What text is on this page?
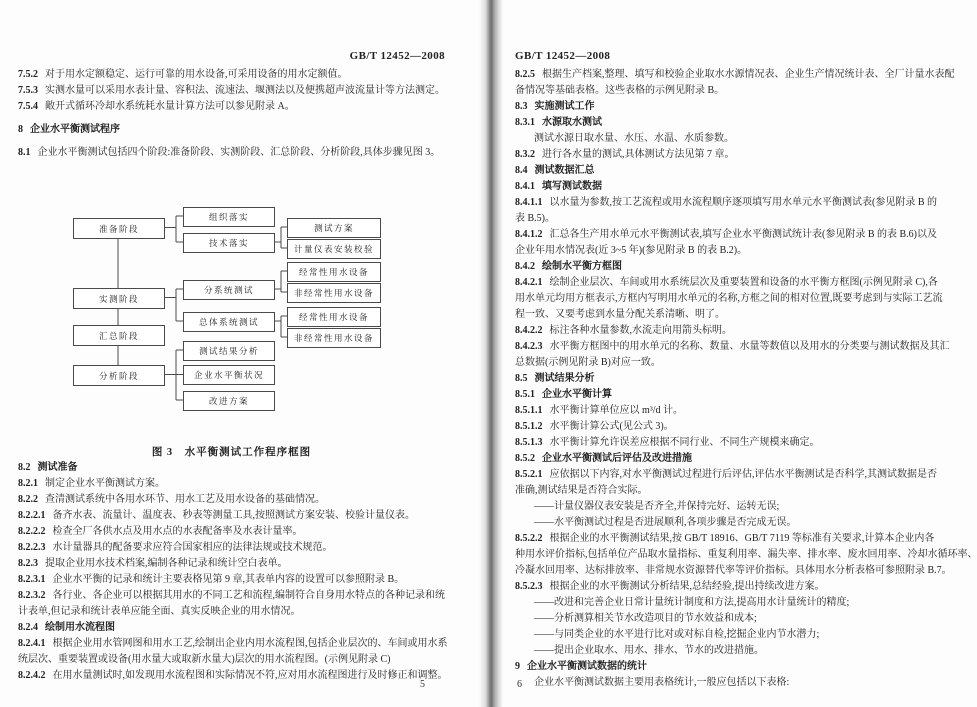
GB/T 12452—2008
7.5.2 对于用水定额稳定、运行可靠的用水设备,可采用设备的用水定额值。
7.5.3 实测水量可以采用水表计量、容积法、流速法、堰测法以及便携超声波流量计等方法测定。
7.5.4 敞开式循环冷却水系统耗水量计算方法可以参见附录 A。
8 企业水平衡测试程序
8.1 企业水平衡测试包括四个阶段:准备阶段、实测阶段、汇总阶段、分析阶段,具体步骤见图 3。
准备阶段
实测阶段
汇总阶段
分析阶段
组织落实
技术落实
分系统测试
总体系统测试
测试结果分析
企业水平衡状况
改进方案
测试方案
计量仪表安装校验
经常性用水设备
非经常性用水设备
经常性用水设备
非经常性用水设备
图 3　水平衡测试工作程序框图
8.2 测试准备
8.2.1 制定企业水平衡测试方案。
8.2.2 查清测试系统中各用水环节、用水工艺及用水设备的基础情况。
8.2.2.1 备齐水表、流量计、温度表、秒表等测量工具,按照测试方案安装、校验计量仪表。
8.2.2.2 检查全厂各供水点及用水点的水表配备率及水表计量率。
8.2.2.3 水计量器具的配备要求应符合国家相应的法律法规或技术规范。
8.2.3 提取企业用水技术档案,编制各种记录和统计空白表单。
8.2.3.1 企业水平衡的记录和统计主要表格见第 9 章,其表单内容的设置可以参照附录 B。
8.2.3.2 各行业、各企业可以根据其用水的不同工艺和流程,编制符合自身用水特点的各种记录和统
计表单,但记录和统计表单应能全面、真实反映企业的用水情况。
8.2.4 绘制用水流程图
8.2.4.1 根据企业用水管网图和用水工艺,绘制出企业内用水流程图,包括企业层次的、车间或用水系
统层次、重要装置或设备(用水量大或取新水量大)层次的用水流程图。(示例见附录 C)
8.2.4.2 在用水量测试时,如发现用水流程图和实际情况不符,应对用水流程图进行及时修正和调整。
5
GB/T 12452—2008
8.2.5 根据生产档案,整理、填写和校验企业取水水源情况表、企业生产情况统计表、全厂计量水表配
备情况等基础表格。这些表格的示例见附录 B。
8.3 实施测试工作
8.3.1 水源取水测试
测试水源日取水量、水压、水温、水质参数。
8.3.2 进行各水量的测试,具体测试方法见第 7 章。
8.4 测试数据汇总
8.4.1 填写测试数据
8.4.1.1 以水量为参数,按工艺流程或用水流程顺序逐项填写用水单元水平衡测试表(参见附录 B 的
表 B.5)。
8.4.1.2 汇总各生产用水单元水平衡测试表,填写企业水平衡测试统计表(参见附录 B 的表 B.6)以及
企业年用水情况表(近 3~5 年)(参见附录 B 的表 B.2)。
8.4.2 绘制水平衡方框图
8.4.2.1 绘制企业层次、车间或用水系统层次及重要装置和设备的水平衡方框图(示例见附录 C),各
用水单元均用方框表示,方框内写明用水单元的名称,方框之间的相对位置,既要考虑到与实际工艺流
程一致、又要考虑到水量分配关系清晰、明了。
8.4.2.2 标注各种水量参数,水流走向用箭头标明。
8.4.2.3 水平衡方框图中的用水单元的名称、数量、水量等数值以及用水的分类要与测试数据及其汇
总数据(示例见附录 B)对应一致。
8.5 测试结果分析
8.5.1 企业水平衡计算
8.5.1.1 水平衡计算单位应以 m³/d 计。
8.5.1.2 水平衡计算公式(见公式 3)。
8.5.1.3 水平衡计算允许误差应根据不同行业、不同生产规模来确定。
8.5.2 企业水平衡测试后评估及改进措施
8.5.2.1 应依据以下内容,对水平衡测试过程进行后评估,评估水平衡测试是否科学,其测试数据是否
准确,测试结果是否符合实际。
——计量仪器仪表安装是否齐全,并保持完好、运转无误;
——水平衡测试过程是否进展顺利,各项步骤是否完成无误。
8.5.2.2 根据企业的水平衡测试结果,按 GB/T 18916、GB/T 7119 等标准有关要求,计算本企业内各
种用水评价指标,包括单位产品取水量指标、重复利用率、漏失率、排水率、废水回用率、冷却水循环率、
冷凝水回用率、达标排放率、非常规水资源替代率等评价指标。具体用水分析表格可参照附录 B.7。
8.5.2.3 根据企业的水平衡测试分析结果,总结经验,提出持续改进方案。
——改进和完善企业日常计量统计制度和方法,提高用水计量统计的精度;
——分析测算相关节水改造项目的节水效益和成本;
——与同类企业的水平进行比对或对标自检,挖掘企业内节水潜力;
——提出企业取水、用水、排水、节水的改进措施。
9 企业水平衡测试数据的统计
企业水平衡测试数据主要用表格统计,一般应包括以下表格:
6
